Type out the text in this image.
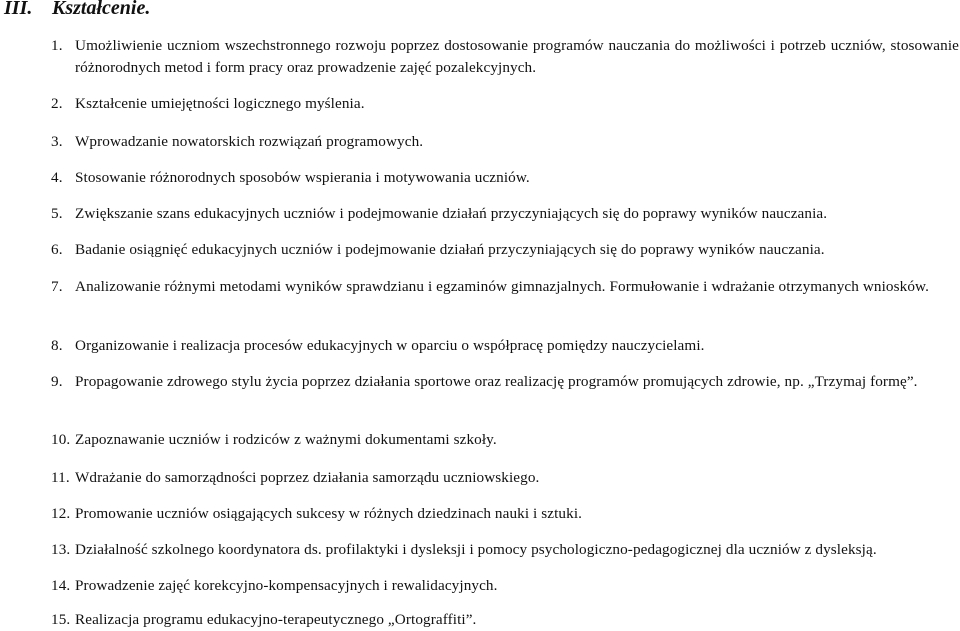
III. Kształcenie.
1. Umożliwienie uczniom wszechstronnego rozwoju poprzez dostosowanie programów nauczania do możliwości i potrzeb uczniów, stosowanie różnorodnych metod i form pracy oraz prowadzenie zajęć pozalekcyjnych.
2. Kształcenie umiejętności logicznego myślenia.
3. Wprowadzanie nowatorskich rozwiązań programowych.
4. Stosowanie różnorodnych sposobów wspierania i motywowania uczniów.
5. Zwiększanie szans edukacyjnych uczniów i podejmowanie działań przyczyniających się do poprawy wyników nauczania.
6. Badanie osiągnięć edukacyjnych uczniów i podejmowanie działań przyczyniających się do poprawy wyników nauczania.
7. Analizowanie różnymi metodami wyników sprawdzianu i egzaminów gimnazjalnych. Formułowanie i wdrażanie otrzymanych wniosków.
8. Organizowanie i realizacja procesów edukacyjnych w oparciu o współpracę pomiędzy nauczycielami.
9. Propagowanie zdrowego stylu życia poprzez działania sportowe oraz realizację programów promujących zdrowie, np. „Trzymaj formę”.
10. Zapoznawanie uczniów i rodziców z ważnymi dokumentami szkoły.
11. Wdrażanie do samorządności poprzez działania samorządu uczniowskiego.
12. Promowanie uczniów osiągających sukcesy w różnych dziedzinach nauki i sztuki.
13. Działalność szkolnego koordynatora ds. profilaktyki i dysleksji i pomocy psychologiczno-pedagogicznej dla uczniów z dysleksją.
14. Prowadzenie zajęć korekcyjno-kompensacyjnych i rewalidacyjnych.
15. Realizacja programu edukacyjno-terapeutycznego „Ortograffiti”.
